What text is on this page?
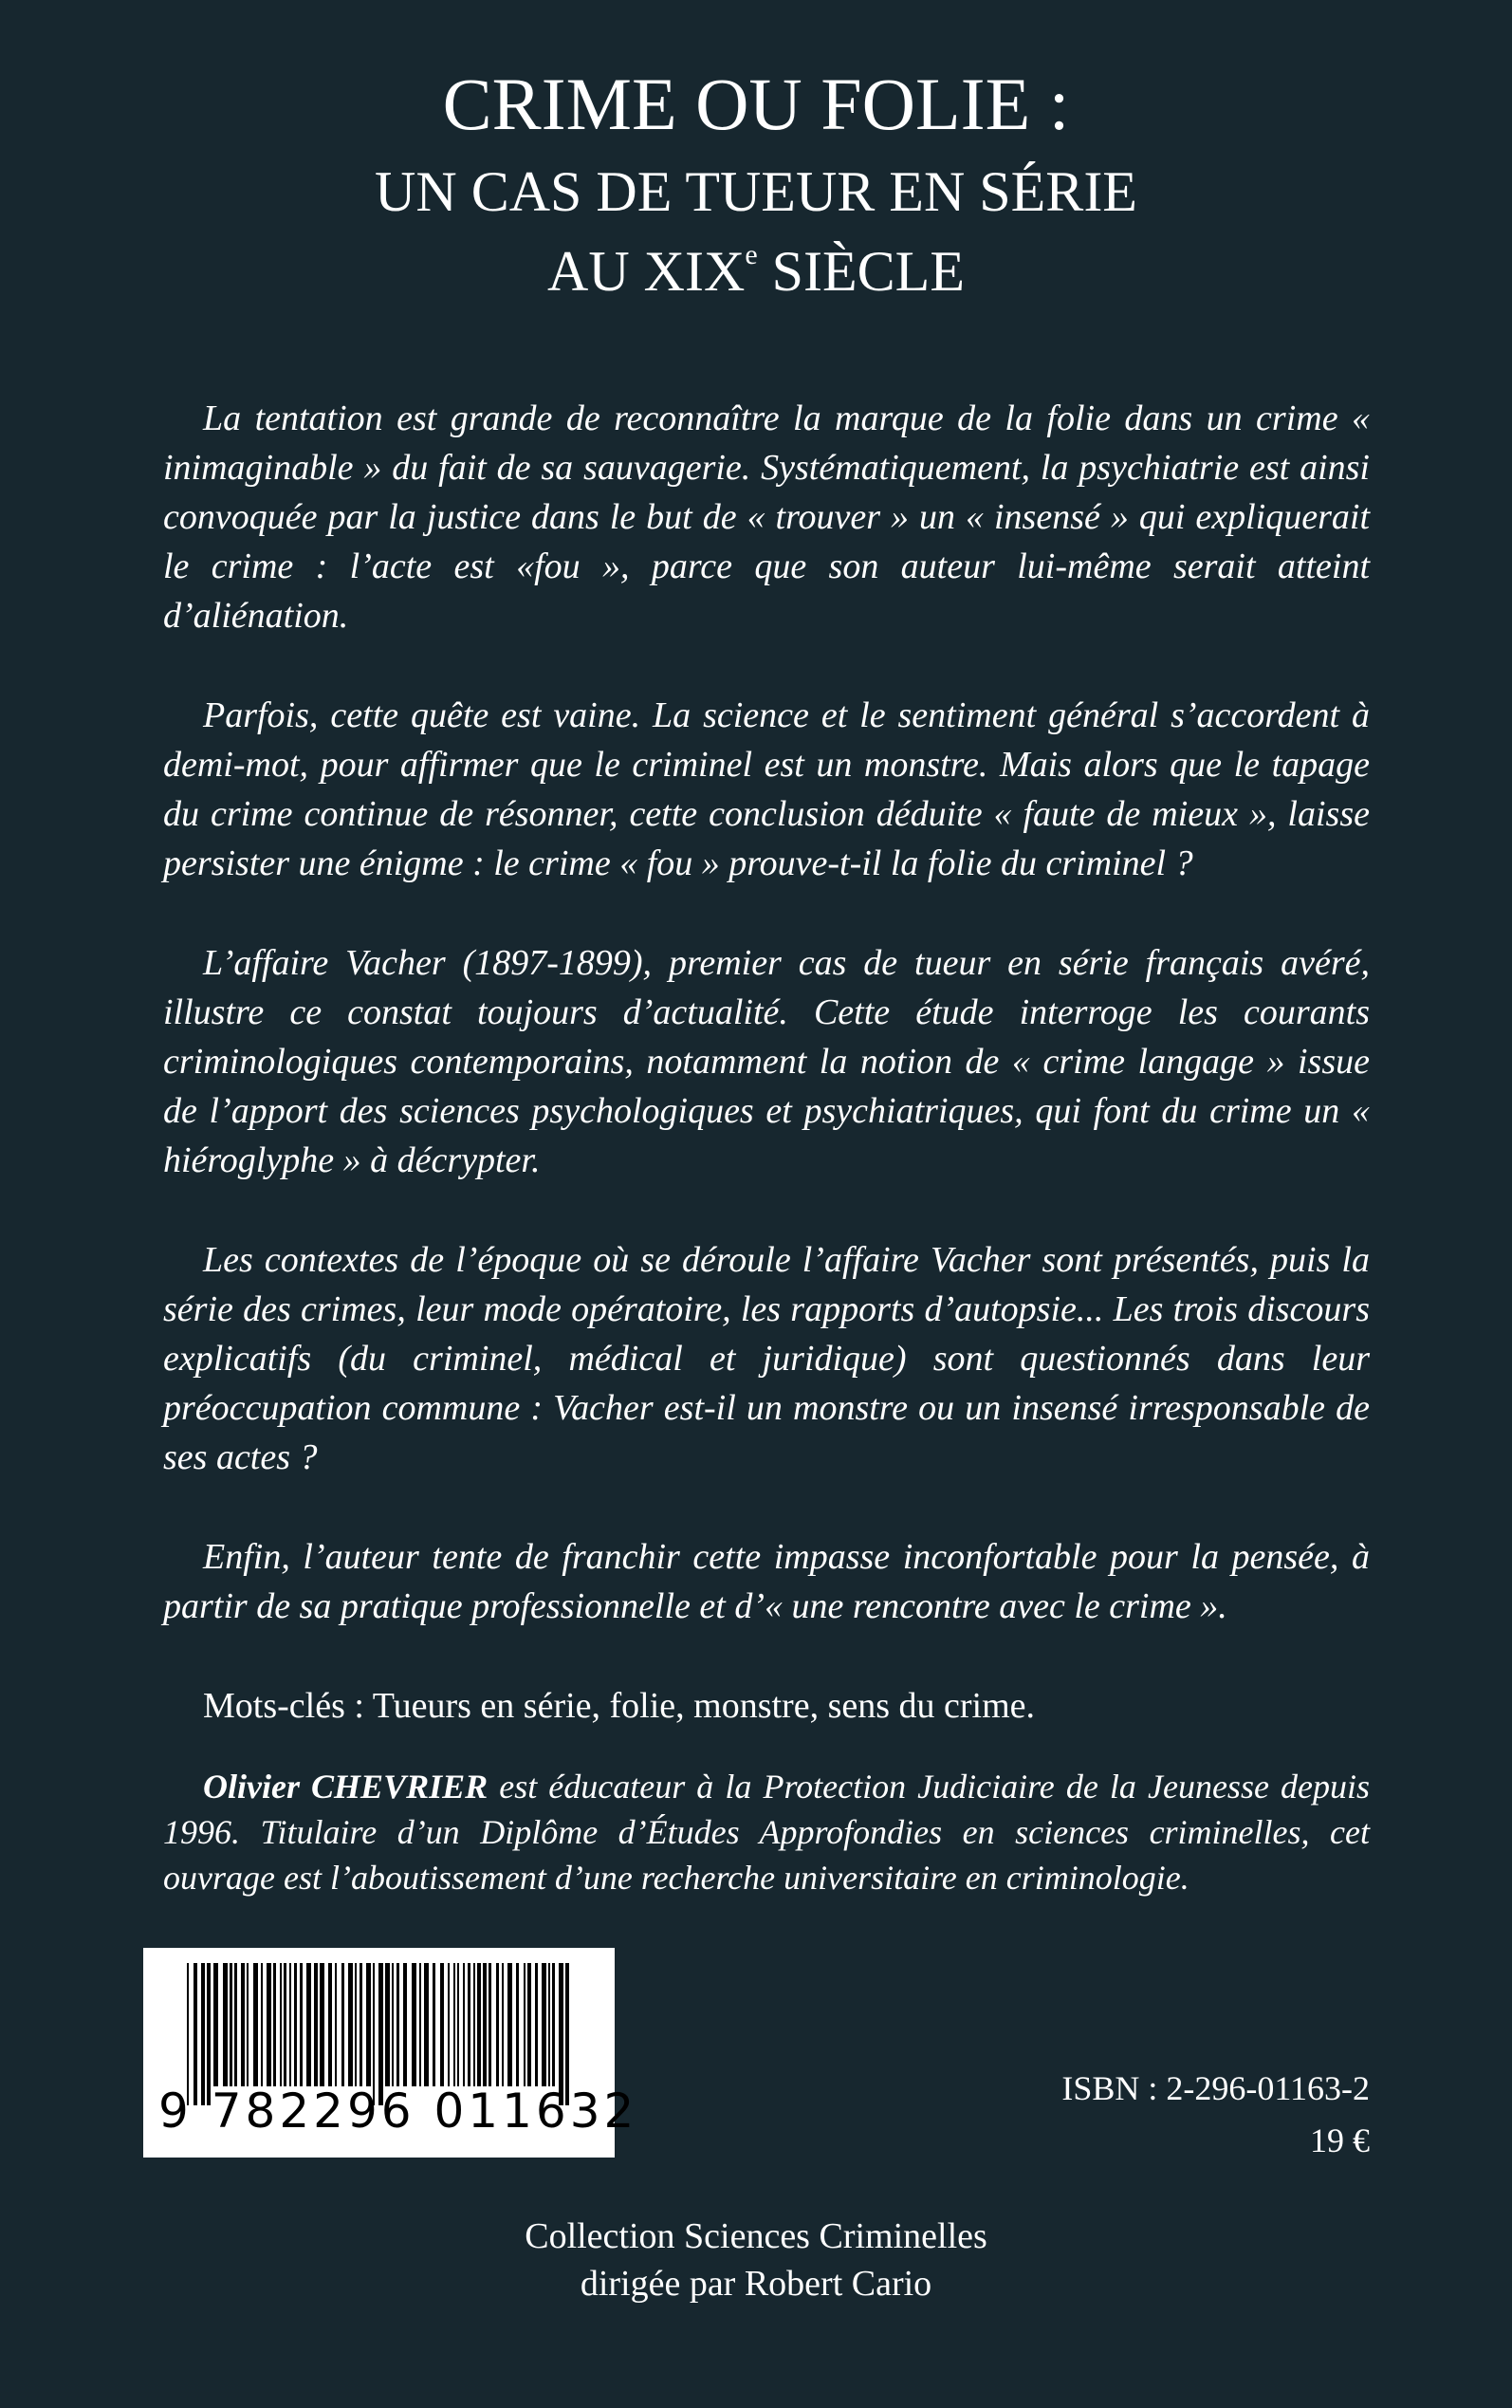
CRIME OU FOLIE :
UN CAS DE TUEUR EN SÉRIE
AU XIXe SIÈCLE

La tentation est grande de reconnaître la marque de la folie dans un crime « inimaginable » du fait de sa sauvagerie. Systématiquement, la psychiatrie est ainsi convoquée par la justice dans le but de « trouver » un « insensé » qui expliquerait le crime : l’acte est «fou », parce que son auteur lui-même serait atteint d’aliénation.

Parfois, cette quête est vaine. La science et le sentiment général s’accordent à demi-mot, pour affirmer que le criminel est un monstre. Mais alors que le tapage du crime continue de résonner, cette conclusion déduite « faute de mieux », laisse persister une énigme : le crime « fou » prouve-t-il la folie du criminel ?

L’affaire Vacher (1897-1899), premier cas de tueur en série français avéré, illustre ce constat toujours d’actualité. Cette étude interroge les courants criminologiques contemporains, notamment la notion de « crime langage » issue de l’apport des sciences psychologiques et psychiatriques, qui font du crime un « hiéroglyphe » à décrypter.

Les contextes de l’époque où se déroule l’affaire Vacher sont présentés, puis la série des crimes, leur mode opératoire, les rapports d’autopsie... Les trois discours explicatifs (du criminel, médical et juridique) sont questionnés dans leur préoccupation commune : Vacher est-il un monstre ou un insensé irresponsable de ses actes ?

Enfin, l’auteur tente de franchir cette impasse inconfortable pour la pensée, à partir de sa pratique professionnelle et d’« une rencontre avec le crime ».

Mots-clés : Tueurs en série, folie, monstre, sens du crime.

Olivier CHEVRIER est éducateur à la Protection Judiciaire de la Jeunesse depuis 1996. Titulaire d’un Diplôme d’Études Approfondies en sciences criminelles, cet ouvrage est l’aboutissement d’une recherche universitaire en criminologie.

9 782296 011632	ISBN : 2-296-01163-2
19 €
Collection Sciences Criminelles
dirigée par Robert Cario
